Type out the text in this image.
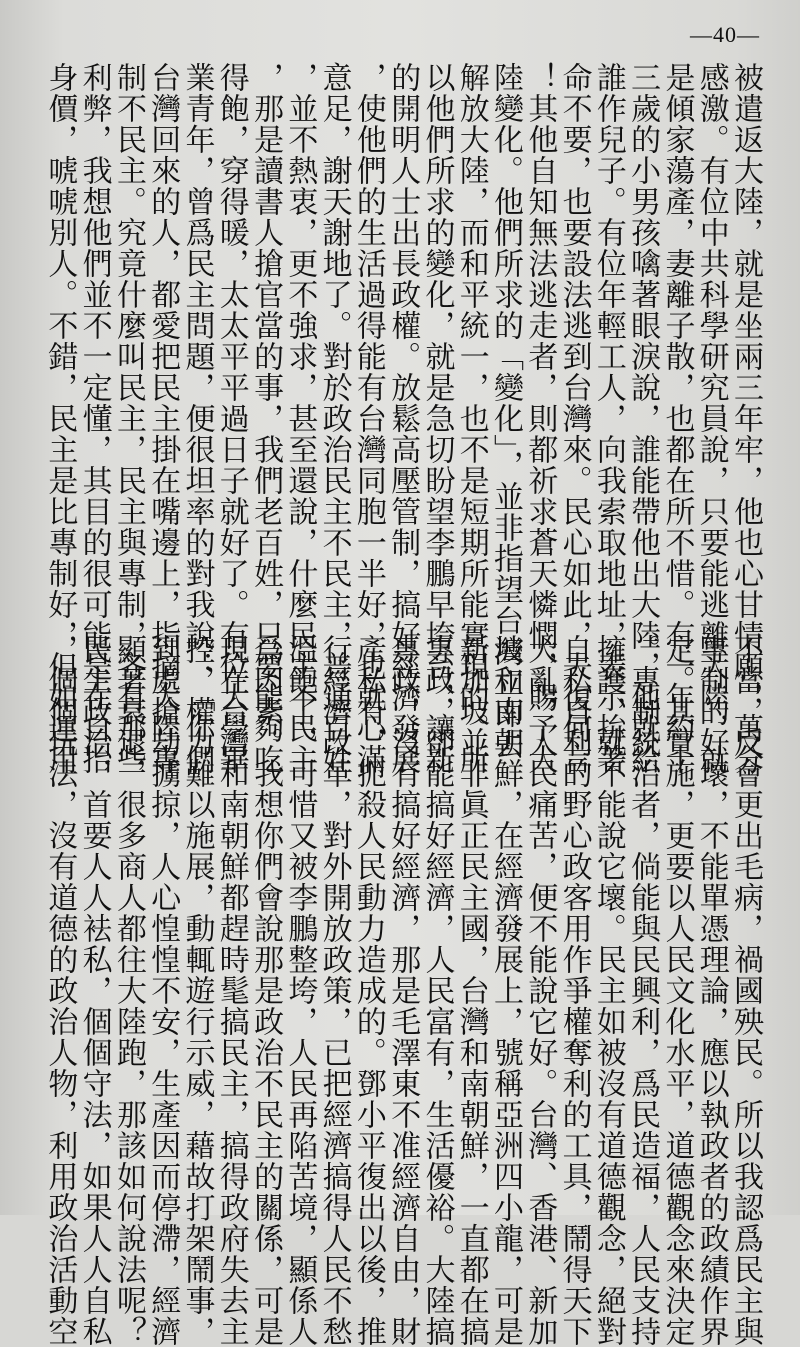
—40—
被遣返大陸，就是坐兩三年牢，他也心甘情願，萬分
感激。有位中共科學研究員說，只要能逃離大陸，就
是傾家蕩產，妻離子散，也都在所不惜。有一年約十
三歲的小男孩噙著眼淚說，誰能帶他出大陸，他就給
誰作兒子。有位年輕工人，向我索取地址，表示拚著
命不要，也要設法逃到台灣來。民心如此，夫復何言
！其他自知無法逃走者，則都祈求蒼天憐憫，賜予大
陸變化。他們所求的「變化」，並非指望台灣立即去
解放大陸，而和平統一，也不是短期所能實現的。所
以他們所求的變化，就是急切盼望李鵬早垮台，讓新
的開明人士出長政權。放鬆高壓管制，搞好經濟發展
，使他們的生活過得能有台灣同胞一半好，也就心滿
意足，謝天謝地了。對於政治民主不民主，普通百姓
，並不熱衷，更不強求，甚至還說，什麼民主不民主
，那是讀書人搶官當的事，我們老百姓，只要能夠吃
得飽，穿得暖，太太平平過日子就好了。有位大學畢
業青年，曾爲民主問題，便很坦率的對我說：「你們
台灣回來的人，都愛把民主掛在嘴邊上，指摘大陸專
制不民主。究竟什麼叫民主，民主與專制，各有那些
利弊，我想他們並不一定懂，其目的很可能是在自抬
身價，唬唬別人。不錯，民主是比專制好，但如運用
不當，反會更出毛病，禍國殃民。所以我認爲民主與
專制的好壞，不能單憑理論，應以執政者的政績作界
定。其實施，更要以人民文化水平，道德觀念來決定
。專制統治者，倘能與民興利，爲民造福，人民支持
擁護，就不能說它壞。民主如被沒有道德觀念，絕對
自私自利的野心政客用作爭權奪利的工具，鬧得天下
大亂，人民痛苦，便不能說它好。台灣、香港、新加
坡和南朝鮮，在經濟發展上，號稱亞洲四小龍，可是
新加坡並非眞正民主國，台灣和南朝鮮，一直都在搞
專政，卻能搞好經濟，人民富有，生活優裕。大陸搞
專政，沒有搞好經濟，那是毛澤東不准經濟自由，財
產私有，扼殺人民動力造成的。鄧小平復出以後，推
行經濟改革，對外開放政策，已把經濟搞得人民不愁
溫飽了，可惜又被李鵬整垮，人民再陷苦境，顯係人
爲因素。我想你們會說那是政治不民主的關係，可是
現在台灣和南朝鮮都趕時髦搞民主，搞得政府失去主
控，權力難以施展，動輒遊行示威，藉故打架鬧事，
到處搶劫擄掠，人心惶惶不安，生產因而停滯，經濟
顯著衰退，很多商人都往大陸跑，那該如何說法呢？
民主政治，首要人人袪私，個個守法，如果人人自私
，個個玩法，沒有道德的政治人物，利用政治活動空
